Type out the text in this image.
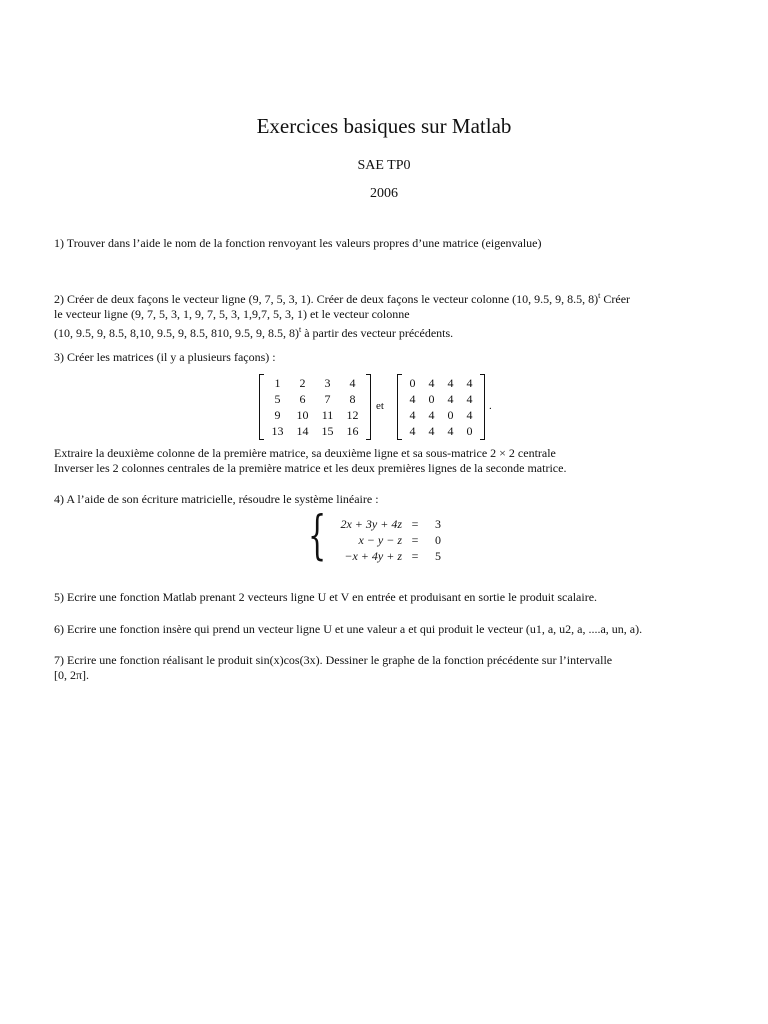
Exercices basiques sur Matlab
SAE TP0
2006
1) Trouver dans l’aide le nom de la fonction renvoyant les valeurs propres d’une matrice (eigenvalue)
2) Créer de deux façons le vecteur ligne (9, 7, 5, 3, 1). Créer de deux façons le vecteur colonne (10, 9.5, 9, 8.5, 8)$^t$ Créer
le vecteur ligne (9, 7, 5, 3, 1, 9, 7, 5, 3, 1,9,7, 5, 3, 1) et le vecteur colonne
(10, 9.5, 9, 8.5, 8,10, 9.5, 9, 8.5, 810, 9.5, 9, 8.5, 8)$^t$ à partir des vecteur précédents.
3) Créer les matrices (il y a plusieurs façons) :
1	2	3	4
5	6	7	8
9	10	11	12
13	14	15	16
et
0	4	4	4
4	0	4	4
4	4	0	4
4	4	4	0
.
Extraire la deuxième colonne de la première matrice, sa deuxième ligne et sa sous-matrice 2 × 2 centrale
Inverser les 2 colonnes centrales de la première matrice et les deux premières lignes de la seconde matrice.
4) A l’aide de son écriture matricielle, résoudre le système linéaire :
{ 2x + 3y + 4z	=	3
x − y − z	=	0
−x + 4y + z	=	5
5) Ecrire une fonction Matlab prenant 2 vecteurs ligne U et V en entrée et produisant en sortie le produit scalaire.
6) Ecrire une fonction insère qui prend un vecteur ligne U et une valeur a et qui produit le vecteur (u1, a, u2, a, ....a, un, a).
7) Ecrire une fonction réalisant le produit sin(x)cos(3x). Dessiner le graphe de la fonction précédente sur l’intervalle
[0, 2π].
